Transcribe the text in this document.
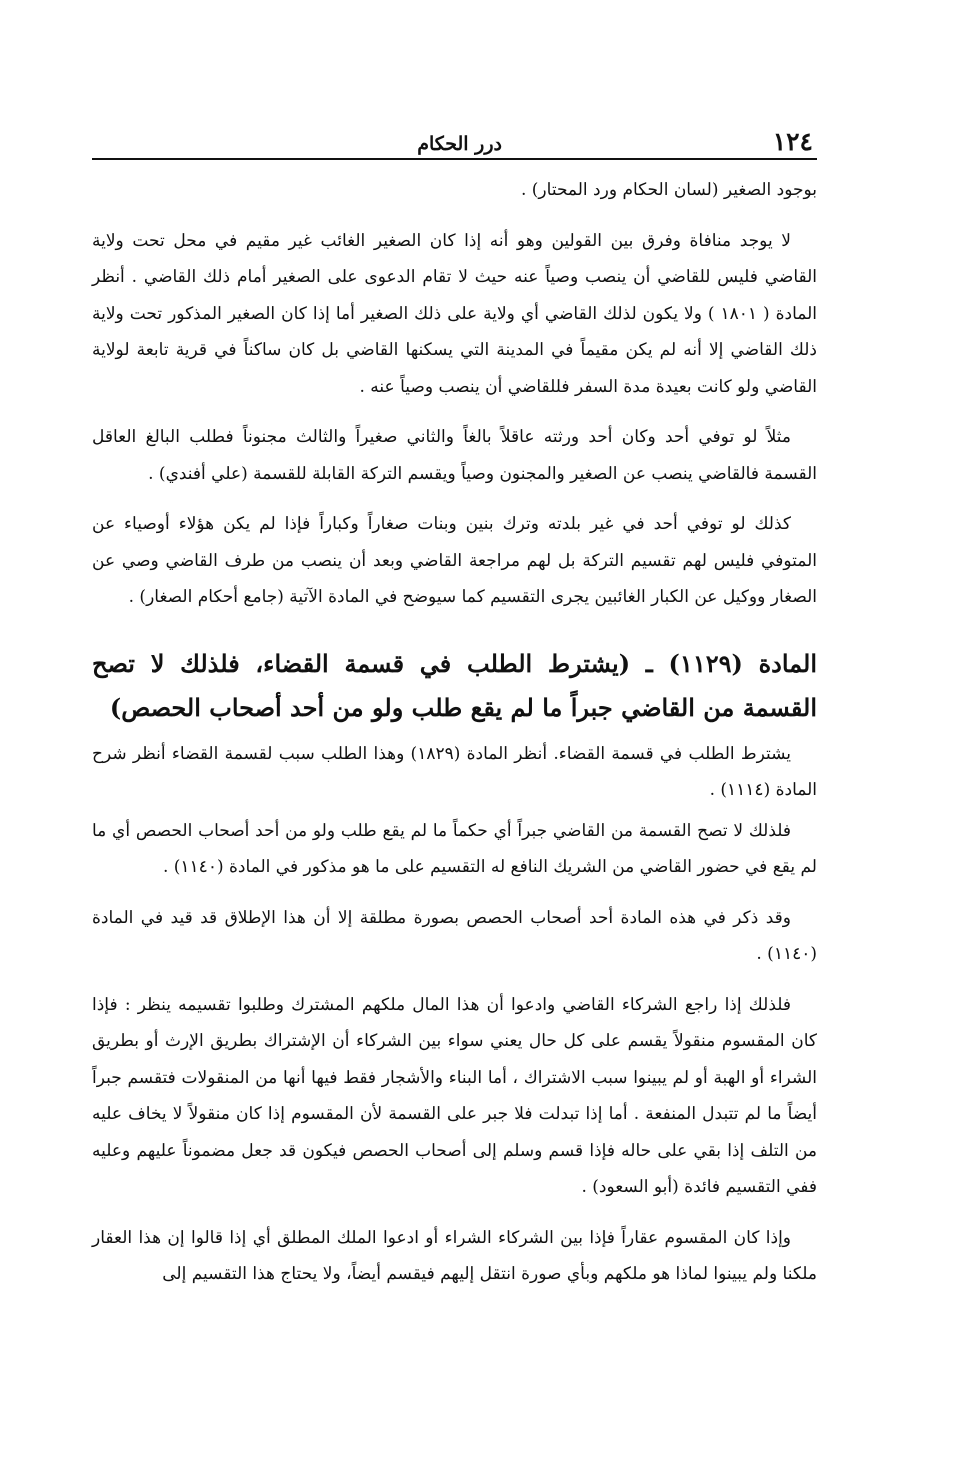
١٢٤
درر الحكام

بوجود الصغير (لسان الحكام ورد المحتار) .

لا يوجد منافاة وفرق بين القولين وهو أنه إذا كان الصغير الغائب غير مقيم في محل تحت ولاية القاضي فليس للقاضي أن ينصب وصياً عنه حيث لا تقام الدعوى على الصغير أمام ذلك القاضي . أنظر المادة ( ١٨٠١ ) ولا يكون لذلك القاضي أي ولاية على ذلك الصغير أما إذا كان الصغير المذكور تحت ولاية ذلك القاضي إلا أنه لم يكن مقيماً في المدينة التي يسكنها القاضي بل كان ساكناً في قرية تابعة لولاية القاضي ولو كانت بعيدة مدة السفر فللقاضي أن ينصب وصياً عنه .

مثلاً لو توفي أحد وكان أحد ورثته عاقلاً بالغاً والثاني صغيراً والثالث مجنوناً فطلب البالغ العاقل القسمة فالقاضي ينصب عن الصغير والمجنون وصياً ويقسم التركة القابلة للقسمة (علي أفندي) .

كذلك لو توفي أحد في غير بلدته وترك بنين وبنات صغاراً وكباراً فإذا لم يكن هؤلاء أوصياء عن المتوفي فليس لهم تقسيم التركة بل لهم مراجعة القاضي وبعد أن ينصب من طرف القاضي وصي عن الصغار ووكيل عن الكبار الغائبين يجرى التقسيم كما سيوضح في المادة الآتية (جامع أحكام الصغار) .

المادة (١١٢٩) ـ (يشترط الطلب في قسمة القضاء، فلذلك لا تصح القسمة من القاضي جبراً ما لم يقع طلب ولو من أحد أصحاب الحصص)

يشترط الطلب في قسمة القضاء. أنظر المادة (١٨٢٩) وهذا الطلب سبب لقسمة القضاء أنظر شرح المادة (١١١٤) .

فلذلك لا تصح القسمة من القاضي جبراً أي حكماً ما لم يقع طلب ولو من أحد أصحاب الحصص أي ما لم يقع في حضور القاضي من الشريك النافع له التقسيم على ما هو مذكور في المادة (١١٤٠) .

وقد ذكر في هذه المادة أحد أصحاب الحصص بصورة مطلقة إلا أن هذا الإطلاق قد قيد في المادة (١١٤٠) .

فلذلك إذا راجع الشركاء القاضي وادعوا أن هذا المال ملكهم المشترك وطلبوا تقسيمه ينظر : فإذا كان المقسوم منقولاً يقسم على كل حال يعني سواء بين الشركاء أن الإشتراك بطريق الإرث أو بطريق الشراء أو الهبة أو لم يبينوا سبب الاشتراك ، أما البناء والأشجار فقط فيها أنها من المنقولات فتقسم جبراً أيضاً ما لم تتبدل المنفعة . أما إذا تبدلت فلا جبر على القسمة لأن المقسوم إذا كان منقولاً لا يخاف عليه من التلف إذا بقي على حاله فإذا قسم وسلم إلى أصحاب الحصص فيكون قد جعل مضموناً عليهم وعليه ففي التقسيم فائدة (أبو السعود) .

وإذا كان المقسوم عقاراً فإذا بين الشركاء الشراء أو ادعوا الملك المطلق أي إذا قالوا إن هذا العقار ملكنا ولم يبينوا لماذا هو ملكهم وبأي صورة انتقل إليهم فيقسم أيضاً، ولا يحتاج هذا التقسيم إلى
